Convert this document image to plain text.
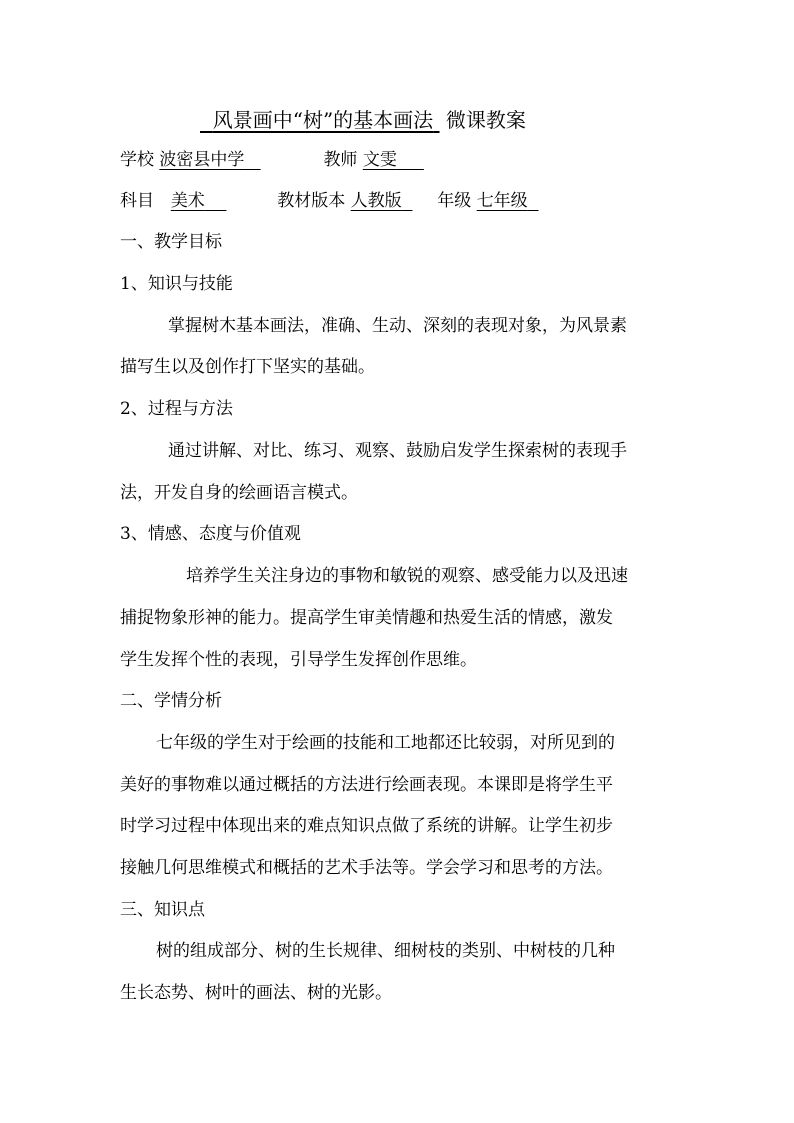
风景画中“树”的基本画法 微课教案
学校 波密县中学	教师 文雯
科目 美术	教材版本 人教版 年级 七年级
一、教学目标
1、知识与技能
掌握树木基本画法，准确、生动、深刻的表现对象，为风景素
描写生以及创作打下坚实的基础。
2、过程与方法
通过讲解、对比、练习、观察、鼓励启发学生探索树的表现手
法，开发自身的绘画语言模式。
3、情感、态度与价值观
培养学生关注身边的事物和敏锐的观察、感受能力以及迅速
捕捉物象形神的能力。提高学生审美情趣和热爱生活的情感，激发
学生发挥个性的表现，引导学生发挥创作思维。
二、学情分析
七年级的学生对于绘画的技能和工地都还比较弱，对所见到的
美好的事物难以通过概括的方法进行绘画表现。本课即是将学生平
时学习过程中体现出来的难点知识点做了系统的讲解。让学生初步
接触几何思维模式和概括的艺术手法等。学会学习和思考的方法。
三、知识点
树的组成部分、树的生长规律、细树枝的类别、中树枝的几种
生长态势、树叶的画法、树的光影。
